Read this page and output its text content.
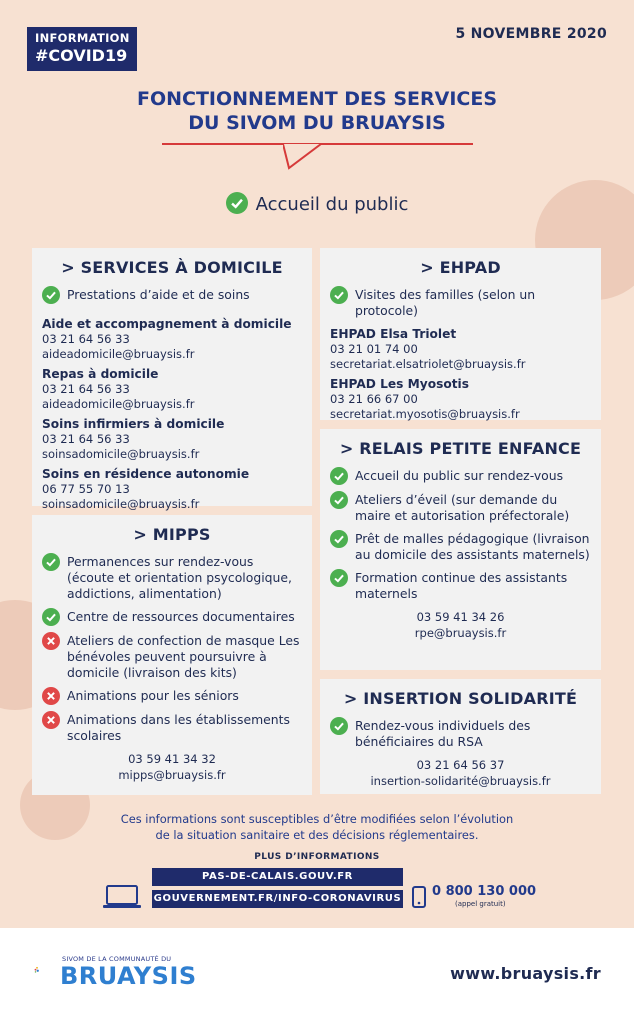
INFORMATION
#COVID19
5 NOVEMBRE 2020
FONCTIONNEMENT DES SERVICES
DU SIVOM DU BRUAYSIS
Accueil du public
> SERVICES À DOMICILE
Prestations d’aide et de soins
Aide et accompagnement à domicile
03 21 64 56 33
aideadomicile@bruaysis.fr
Repas à domicile
03 21 64 56 33
aideadomicile@bruaysis.fr
Soins infirmiers à domicile
03 21 64 56 33
soinsadomicile@bruaysis.fr
Soins en résidence autonomie
06 77 55 70 13
soinsadomicile@bruaysis.fr
> EHPAD
Visites des familles (selon un protocole)
EHPAD Elsa Triolet
03 21 01 74 00
secretariat.elsatriolet@bruaysis.fr
EHPAD Les Myosotis
03 21 66 67 00
secretariat.myosotis@bruaysis.fr
> RELAIS PETITE ENFANCE
Accueil du public sur rendez-vous
Ateliers d’éveil (sur demande du maire et autorisation préfectorale)
Prêt de malles pédagogique (livraison au domicile des assistants maternels)
Formation continue des assistants maternels
03 59 41 34 26
rpe@bruaysis.fr
> MIPPS
Permanences sur rendez-vous (écoute et orientation psycologique, addictions, alimentation)
Centre de ressources documentaires
Ateliers de confection de masque Les bénévoles peuvent poursuivre à domicile (livraison des kits)
Animations pour les séniors
Animations dans les établissements scolaires
03 59 41 34 32
mipps@bruaysis.fr
> INSERTION SOLIDARITÉ
Rendez-vous individuels des bénéficiaires du RSA
03 21 64 56 37
insertion-solidarité@bruaysis.fr
Ces informations sont susceptibles d’être modifiées selon l’évolution
de la situation sanitaire et des décisions réglementaires.
PLUS D’INFORMATIONS
PAS-DE-CALAIS.GOUV.FR
GOUVERNEMENT.FR/INFO-CORONAVIRUS 0 800 130 000
(appel gratuit)
SIVOM DE LA COMMUNAUTÉ DU
BRUAYSIS	www.bruaysis.fr
